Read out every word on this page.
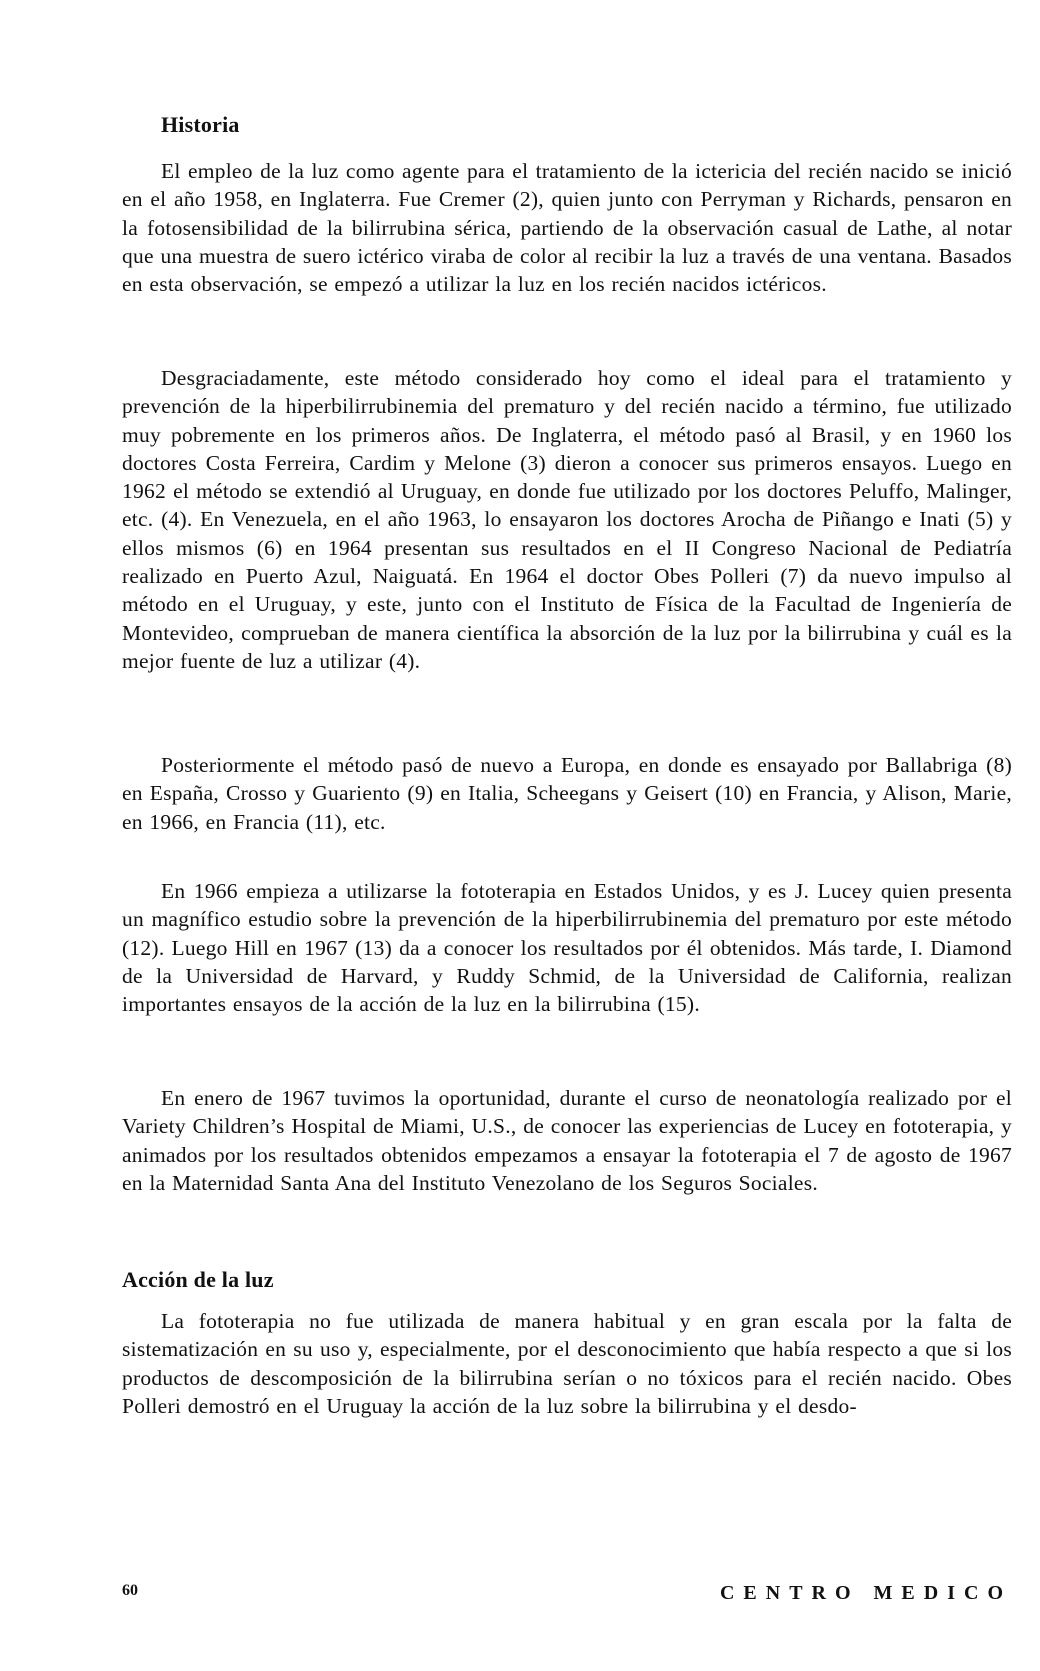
Historia

El empleo de la luz como agente para el tratamiento de la ictericia del recién nacido se inició en el año 1958, en Inglaterra. Fue Cremer (2), quien junto con Perryman y Richards, pensaron en la fotosensibilidad de la bilirrubina sérica, partiendo de la observación casual de Lathe, al notar que una muestra de suero ictérico viraba de color al recibir la luz a través de una ventana. Basados en esta observación, se empezó a utilizar la luz en los recién nacidos ictéricos.

Desgraciadamente, este método considerado hoy como el ideal para el tratamiento y prevención de la hiperbilirrubinemia del prematuro y del recién nacido a término, fue utilizado muy pobremente en los primeros años. De Inglaterra, el método pasó al Brasil, y en 1960 los doctores Costa Ferreira, Cardim y Melone (3) dieron a conocer sus primeros ensayos. Luego en 1962 el método se extendió al Uruguay, en donde fue utilizado por los doctores Peluffo, Malinger, etc. (4). En Venezuela, en el año 1963, lo ensayaron los doctores Arocha de Piñango e Inati (5) y ellos mismos (6) en 1964 presentan sus resultados en el II Congreso Nacional de Pediatría realizado en Puerto Azul, Naiguatá. En 1964 el doctor Obes Polleri (7) da nuevo impulso al método en el Uruguay, y este, junto con el Instituto de Física de la Facultad de Ingeniería de Montevideo, comprueban de manera científica la absorción de la luz por la bilirrubina y cuál es la mejor fuente de luz a utilizar (4).

Posteriormente el método pasó de nuevo a Europa, en donde es ensayado por Ballabriga (8) en España, Crosso y Guariento (9) en Italia, Scheegans y Geisert (10) en Francia, y Alison, Marie, en 1966, en Francia (11), etc.

En 1966 empieza a utilizarse la fototerapia en Estados Unidos, y es J. Lucey quien presenta un magnífico estudio sobre la prevención de la hiperbilirrubinemia del prematuro por este método (12). Luego Hill en 1967 (13) da a conocer los resultados por él obtenidos. Más tarde, I. Diamond de la Universidad de Harvard, y Ruddy Schmid, de la Universidad de California, realizan importantes ensayos de la acción de la luz en la bilirrubina (15).

En enero de 1967 tuvimos la oportunidad, durante el curso de neonatología realizado por el Variety Children’s Hospital de Miami, U.S., de conocer las experiencias de Lucey en fototerapia, y animados por los resultados obtenidos empezamos a ensayar la fototerapia el 7 de agosto de 1967 en la Maternidad Santa Ana del Instituto Venezolano de los Seguros Sociales.

Acción de la luz

La fototerapia no fue utilizada de manera habitual y en gran escala por la falta de sistematización en su uso y, especialmente, por el desconocimiento que había respecto a que si los productos de descomposición de la bilirrubina serían o no tóxicos para el recién nacido. Obes Polleri demostró en el Uruguay la acción de la luz sobre la bilirrubina y el desdo-

60	CENTRO MEDICO
